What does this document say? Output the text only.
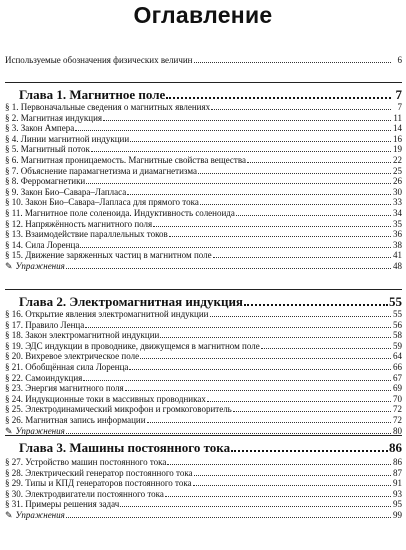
Оглавление
Используемые обозначения физических величин	6
Глава 1. Магнитное поле	7
§ 1. Первоначальные сведения о магнитных явлениях	7
§ 2. Магнитная индукция	11
§ 3. Закон Ампера	14
§ 4. Линии магнитной индукции	16
§ 5. Магнитный поток	19
§ 6. Магнитная проницаемость. Магнитные свойства вещества	22
§ 7. Объяснение парамагнетизма и диамагнетизма	25
§ 8. Ферромагнетики	26
§ 9. Закон Био–Савара–Лапласа	30
§ 10. Закон Био–Савара–Лапласа для прямого тока	33
§ 11. Магнитное поле соленоида. Индуктивность соленоида	34
§ 12. Напряжённость магнитного поля	35
§ 13. Взаимодействие параллельных токов	36
§ 14. Сила Лоренца	38
§ 15. Движение заряженных частиц в магнитном поле	41
✎ Упражнения	48
Глава 2. Электромагнитная индукция	55
§ 16. Открытие явления электромагнитной индукции	55
§ 17. Правило Ленца	56
§ 18. Закон электромагнитной индукции	58
§ 19. ЭДС индукции в проводнике, движущемся в магнитном поле	59
§ 20. Вихревое электрическое поле	64
§ 21. Обобщённая сила Лоренца	66
§ 22. Самоиндукция	67
§ 23. Энергия магнитного поля	69
§ 24. Индукционные токи в массивных проводниках	70
§ 25. Электродинамический микрофон и громкоговоритель	72
§ 26. Магнитная запись информации	72
✎ Упражнения	80
Глава 3. Машины постоянного тока	86
§ 27. Устройство машин постоянного тока	86
§ 28. Электрический генератор постоянного тока	87
§ 29. Типы и КПД генераторов постоянного тока	91
§ 30. Электродвигатели постоянного тока	93
§ 31. Примеры решения задач	95
✎ Упражнения	99
